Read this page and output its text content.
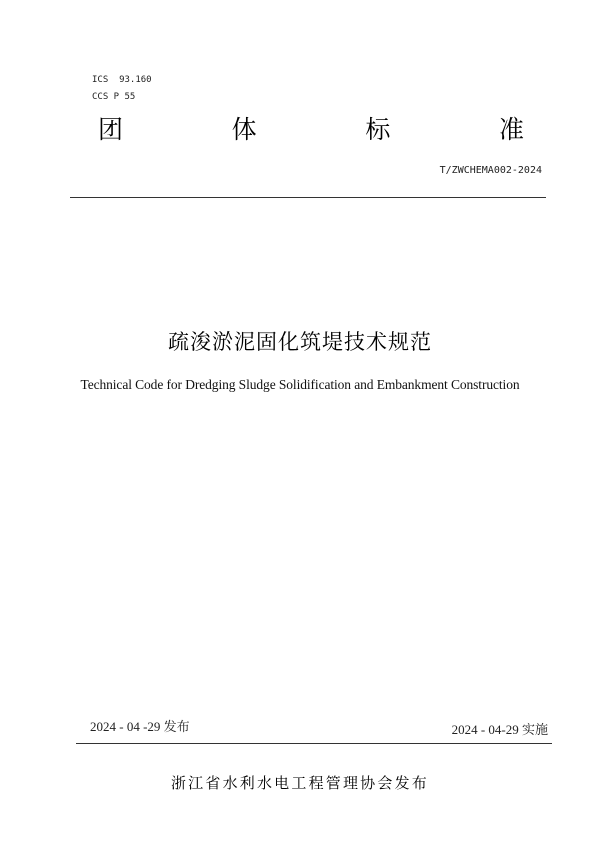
ICS  93.160
CCS P 55
团	体	标	准
T/ZWCHEMA002-2024
疏浚淤泥固化筑堤技术规范
Technical Code for Dredging Sludge Solidification and Embankment Construction
2024 - 04 -29 发布	2024 - 04-29 实施
浙江省水利水电工程管理协会发布
